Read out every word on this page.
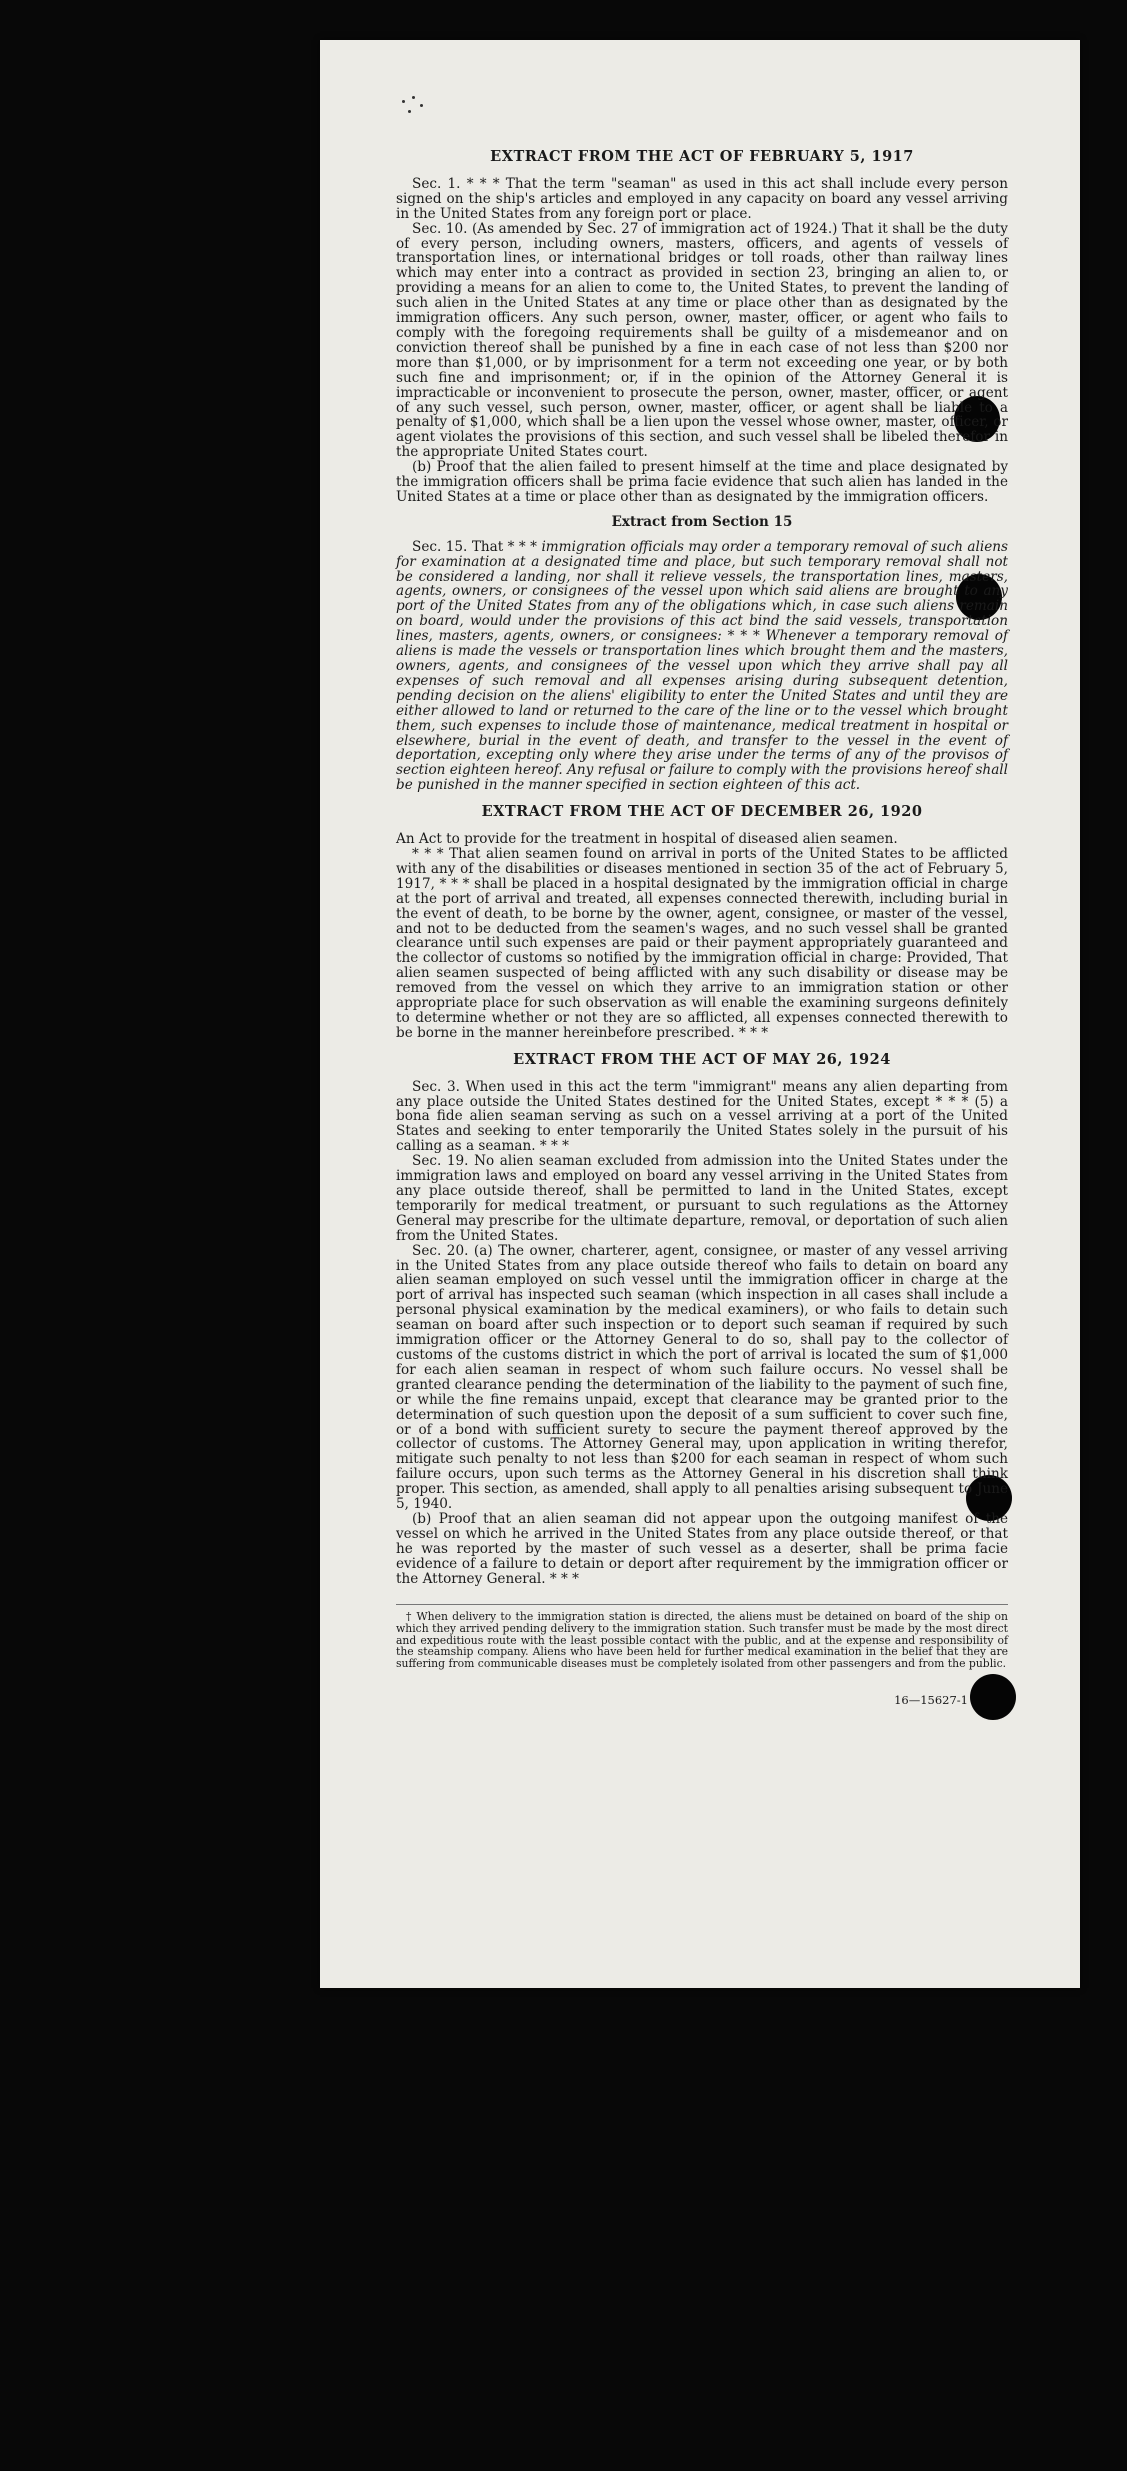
EXTRACT FROM THE ACT OF FEBRUARY 5, 1917

Sec. 1. * * * That the term "seaman" as used in this act shall include every person signed on the ship's articles and employed in any capacity on board any vessel arriving in the United States from any foreign port or place.

Sec. 10. (As amended by Sec. 27 of immigration act of 1924.) That it shall be the duty of every person, including owners, masters, officers, and agents of vessels of transportation lines, or international bridges or toll roads, other than railway lines which may enter into a contract as provided in section 23, bringing an alien to, or providing a means for an alien to come to, the United States, to prevent the landing of such alien in the United States at any time or place other than as designated by the immigration officers. Any such person, owner, master, officer, or agent who fails to comply with the foregoing requirements shall be guilty of a misdemeanor and on conviction thereof shall be punished by a fine in each case of not less than $200 nor more than $1,000, or by imprisonment for a term not exceeding one year, or by both such fine and imprisonment; or, if in the opinion of the Attorney General it is impracticable or inconvenient to prosecute the person, owner, master, officer, or agent of any such vessel, such person, owner, master, officer, or agent shall be liable to a penalty of $1,000, which shall be a lien upon the vessel whose owner, master, officer, or agent violates the provisions of this section, and such vessel shall be libeled therefor in the appropriate United States court.

(b) Proof that the alien failed to present himself at the time and place designated by the immigration officers shall be prima facie evidence that such alien has landed in the United States at a time or place other than as designated by the immigration officers.

Extract from Section 15

Sec. 15. That * * * immigration officials may order a temporary removal of such aliens for examination at a designated time and place, but such temporary removal shall not be considered a landing, nor shall it relieve vessels, the transportation lines, masters, agents, owners, or consignees of the vessel upon which said aliens are brought to any port of the United States from any of the obligations which, in case such aliens remain on board, would under the provisions of this act bind the said vessels, transportation lines, masters, agents, owners, or consignees: * * * Whenever a temporary removal of aliens is made the vessels or transportation lines which brought them and the masters, owners, agents, and consignees of the vessel upon which they arrive shall pay all expenses of such removal and all expenses arising during subsequent detention, pending decision on the aliens' eligibility to enter the United States and until they are either allowed to land or returned to the care of the line or to the vessel which brought them, such expenses to include those of maintenance, medical treatment in hospital or elsewhere, burial in the event of death, and transfer to the vessel in the event of deportation, excepting only where they arise under the terms of any of the provisos of section eighteen hereof. Any refusal or failure to comply with the provisions hereof shall be punished in the manner specified in section eighteen of this act.

EXTRACT FROM THE ACT OF DECEMBER 26, 1920

An Act to provide for the treatment in hospital of diseased alien seamen.

* * * That alien seamen found on arrival in ports of the United States to be afflicted with any of the disabilities or diseases mentioned in section 35 of the act of February 5, 1917, * * * shall be placed in a hospital designated by the immigration official in charge at the port of arrival and treated, all expenses connected therewith, including burial in the event of death, to be borne by the owner, agent, consignee, or master of the vessel, and not to be deducted from the seamen's wages, and no such vessel shall be granted clearance until such expenses are paid or their payment appropriately guaranteed and the collector of customs so notified by the immigration official in charge: Provided, That alien seamen suspected of being afflicted with any such disability or disease may be removed from the vessel on which they arrive to an immigration station or other appropriate place for such observation as will enable the examining surgeons definitely to determine whether or not they are so afflicted, all expenses connected therewith to be borne in the manner hereinbefore prescribed. * * *

EXTRACT FROM THE ACT OF MAY 26, 1924

Sec. 3. When used in this act the term "immigrant" means any alien departing from any place outside the United States destined for the United States, except * * * (5) a bona fide alien seaman serving as such on a vessel arriving at a port of the United States and seeking to enter temporarily the United States solely in the pursuit of his calling as a seaman. * * *

Sec. 19. No alien seaman excluded from admission into the United States under the immigration laws and employed on board any vessel arriving in the United States from any place outside thereof, shall be permitted to land in the United States, except temporarily for medical treatment, or pursuant to such regulations as the Attorney General may prescribe for the ultimate departure, removal, or deportation of such alien from the United States.

Sec. 20. (a) The owner, charterer, agent, consignee, or master of any vessel arriving in the United States from any place outside thereof who fails to detain on board any alien seaman employed on such vessel until the immigration officer in charge at the port of arrival has inspected such seaman (which inspection in all cases shall include a personal physical examination by the medical examiners), or who fails to detain such seaman on board after such inspection or to deport such seaman if required by such immigration officer or the Attorney General to do so, shall pay to the collector of customs of the customs district in which the port of arrival is located the sum of $1,000 for each alien seaman in respect of whom such failure occurs. No vessel shall be granted clearance pending the determination of the liability to the payment of such fine, or while the fine remains unpaid, except that clearance may be granted prior to the determination of such question upon the deposit of a sum sufficient to cover such fine, or of a bond with sufficient surety to secure the payment thereof approved by the collector of customs. The Attorney General may, upon application in writing therefor, mitigate such penalty to not less than $200 for each seaman in respect of whom such failure occurs, upon such terms as the Attorney General in his discretion shall think proper. This section, as amended, shall apply to all penalties arising subsequent to June 5, 1940.

(b) Proof that an alien seaman did not appear upon the outgoing manifest of the vessel on which he arrived in the United States from any place outside thereof, or that he was reported by the master of such vessel as a deserter, shall be prima facie evidence of a failure to detain or deport after requirement by the immigration officer or the Attorney General. * * *

† When delivery to the immigration station is directed, the aliens must be detained on board of the ship on which they arrived pending delivery to the immigration station. Such transfer must be made by the most direct and expeditious route with the least possible contact with the public, and at the expense and responsibility of the steamship company. Aliens who have been held for further medical examination in the belief that they are suffering from communicable diseases must be completely isolated from other passengers and from the public.

16—15627-1
